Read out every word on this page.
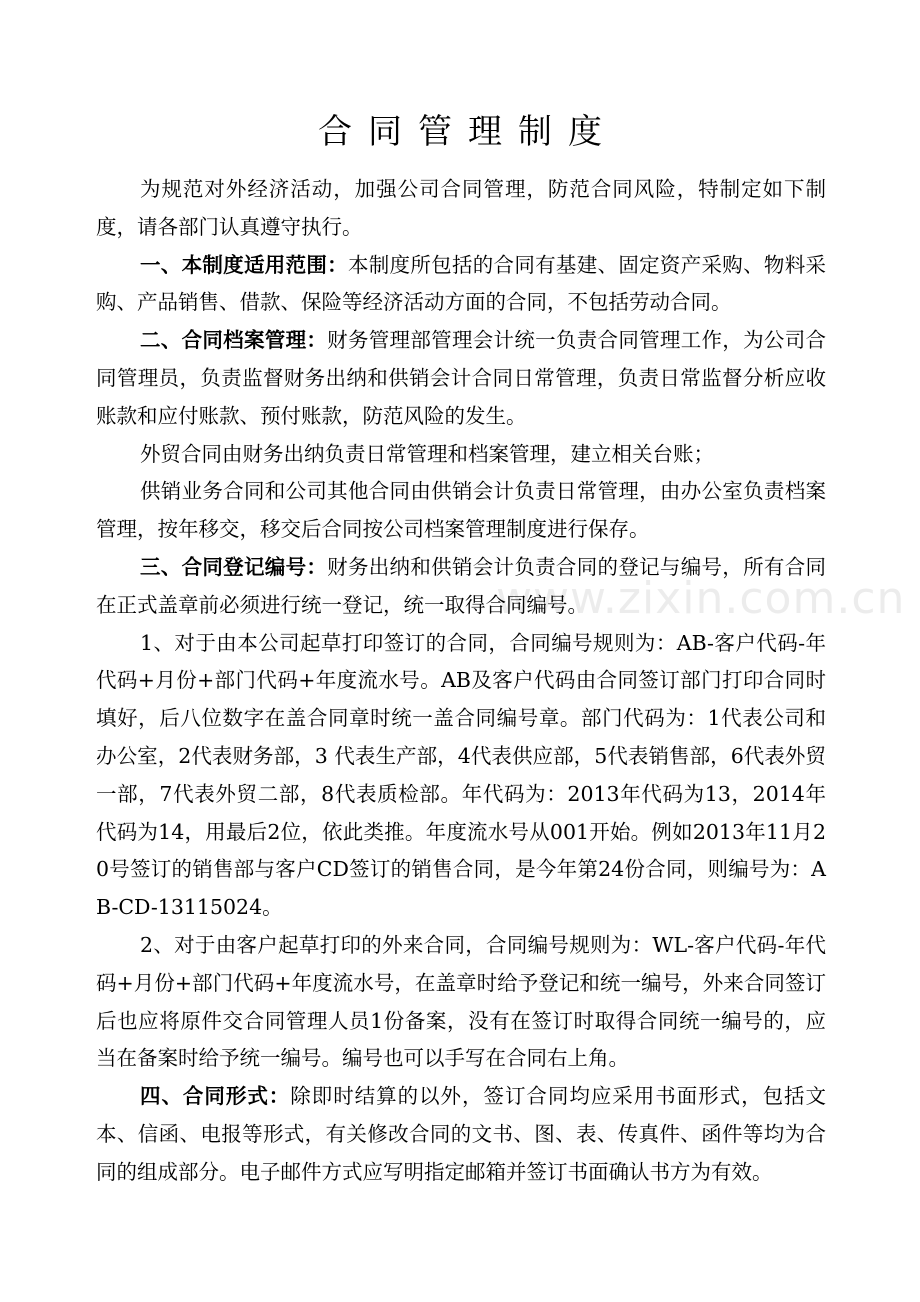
合同管理制度
www.zixin.com.cn

为规范对外经济活动，加强公司合同管理，防范合同风险，特制定如下制度，请各部门认真遵守执行。

一、本制度适用范围：本制度所包括的合同有基建、固定资产采购、物料采购、产品销售、借款、保险等经济活动方面的合同，不包括劳动合同。

二、合同档案管理：财务管理部管理会计统一负责合同管理工作，为公司合同管理员，负责监督财务出纳和供销会计合同日常管理，负责日常监督分析应收账款和应付账款、预付账款，防范风险的发生。

外贸合同由财务出纳负责日常管理和档案管理，建立相关台账；

供销业务合同和公司其他合同由供销会计负责日常管理，由办公室负责档案管理，按年移交，移交后合同按公司档案管理制度进行保存。

三、合同登记编号：财务出纳和供销会计负责合同的登记与编号，所有合同在正式盖章前必须进行统一登记，统一取得合同编号。

1、对于由本公司起草打印签订的合同，合同编号规则为：AB-客户代码-年代码+月份+部门代码+年度流水号。AB及客户代码由合同签订部门打印合同时填好，后八位数字在盖合同章时统一盖合同编号章。部门代码为：1代表公司和办公室，2代表财务部，3 代表生产部，4代表供应部，5代表销售部，6代表外贸一部，7代表外贸二部，8代表质检部。年代码为：2013年代码为13，2014年代码为14，用最后2位，依此类推。年度流水号从001开始。例如2013年11月20号签订的销售部与客户CD签订的销售合同，是今年第24份合同，则编号为：AB-CD-13115024。

2、对于由客户起草打印的外来合同，合同编号规则为：WL-客户代码-年代码+月份+部门代码+年度流水号，在盖章时给予登记和统一编号，外来合同签订后也应将原件交合同管理人员1份备案，没有在签订时取得合同统一编号的，应当在备案时给予统一编号。编号也可以手写在合同右上角。

四、合同形式：除即时结算的以外，签订合同均应采用书面形式，包括文本、信函、电报等形式，有关修改合同的文书、图、表、传真件、函件等均为合同的组成部分。电子邮件方式应写明指定邮箱并签订书面确认书方为有效。
